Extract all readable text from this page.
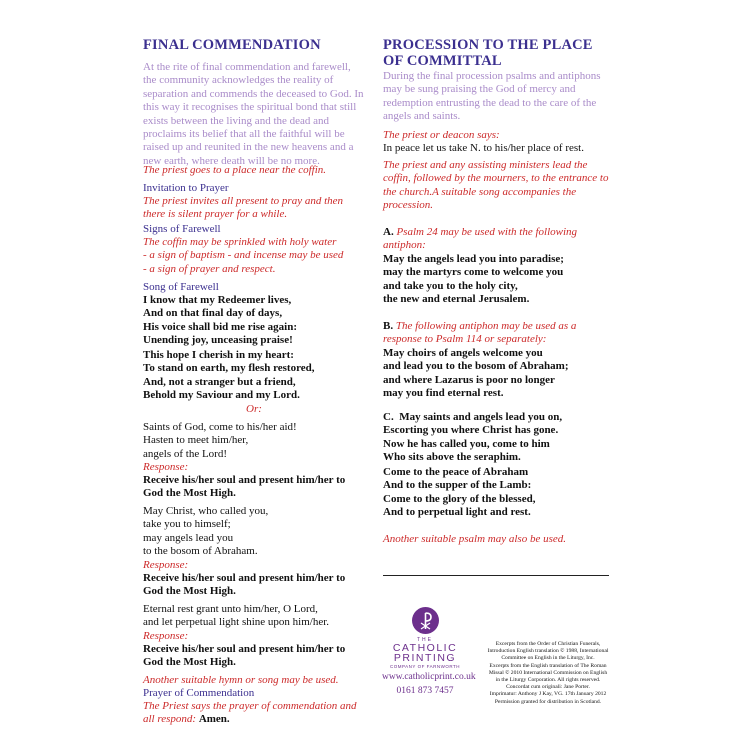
FINAL COMMENDATION
At the rite of final commendation and farewell, the community acknowledges the reality of separation and commends the deceased to God. In this way it recognises the spiritual bond that still exists between the living and the dead and proclaims its belief that all the faithful will be raised up and reunited in the new heavens and a new earth, where death will be no more.
The priest goes to a place near the coffin.
Invitation to Prayer
The priest invites all present to pray and then there is silent prayer for a while.
Signs of Farewell
The coffin may be sprinkled with holy water
- a sign of baptism - and incense may be used
- a sign of prayer and respect.
Song of Farewell
I know that my Redeemer lives,
And on that final day of days,
His voice shall bid me rise again:
Unending joy, unceasing praise!
This hope I cherish in my heart:
To stand on earth, my flesh restored,
And, not a stranger but a friend,
Behold my Saviour and my Lord.
Or:
Saints of God, come to his/her aid!
Hasten to meet him/her,
angels of the Lord!
Response:
Receive his/her soul and present him/her to God the Most High.
May Christ, who called you,
take you to himself;
may angels lead you
to the bosom of Abraham.
Response:
Receive his/her soul and present him/her to God the Most High.
Eternal rest grant unto him/her, O Lord,
and let perpetual light shine upon him/her.
Response:
Receive his/her soul and present him/her to God the Most High.
Another suitable hymn or song may be used.
Prayer of Commendation
The Priest says the prayer of commendation and all respond: Amen.
PROCESSION TO THE PLACE OF COMMITTAL
During the final procession psalms and antiphons may be sung praising the God of mercy and redemption entrusting the dead to the care of the angels and saints.
The priest or deacon says:
In peace let us take N. to his/her place of rest.
The priest and any assisting ministers lead the coffin, followed by the mourners, to the entrance to the church.A suitable song accompanies the procession.
A. Psalm 24 may be used with the following antiphon:
May the angels lead you into paradise;
may the martyrs come to welcome you
and take you to the holy city,
the new and eternal Jerusalem.
B. The following antiphon may be used as a response to Psalm 114 or separately:
May choirs of angels welcome you
and lead you to the bosom of Abraham;
and where Lazarus is poor no longer
may you find eternal rest.
C. May saints and angels lead you on,
Escorting you where Christ has gone.
Now he has called you, come to him
Who sits above the seraphim.
Come to the peace of Abraham
And to the supper of the Lamb:
Come to the glory of the blessed,
And to perpetual light and rest.
Another suitable psalm may also be used.
THE
CATHOLIC
PRINTING
COMPANY OF FARNWORTH
www.catholicprint.co.uk
0161 873 7457
Excerpts from the Order of Christian Funerals,
Introduction English translation © 1988, International
Committee on English in the Liturgy, Inc.
Excerpts from the English translation of The Roman
Missal © 2010 International Commission on English
in the Liturgy Corporation. All rights reserved.
Concordat cum originali: Jane Porter.
Imprimatur: Anthony J Kay, VG. 17th January 2012
Permission granted for distribution in Scotland.
